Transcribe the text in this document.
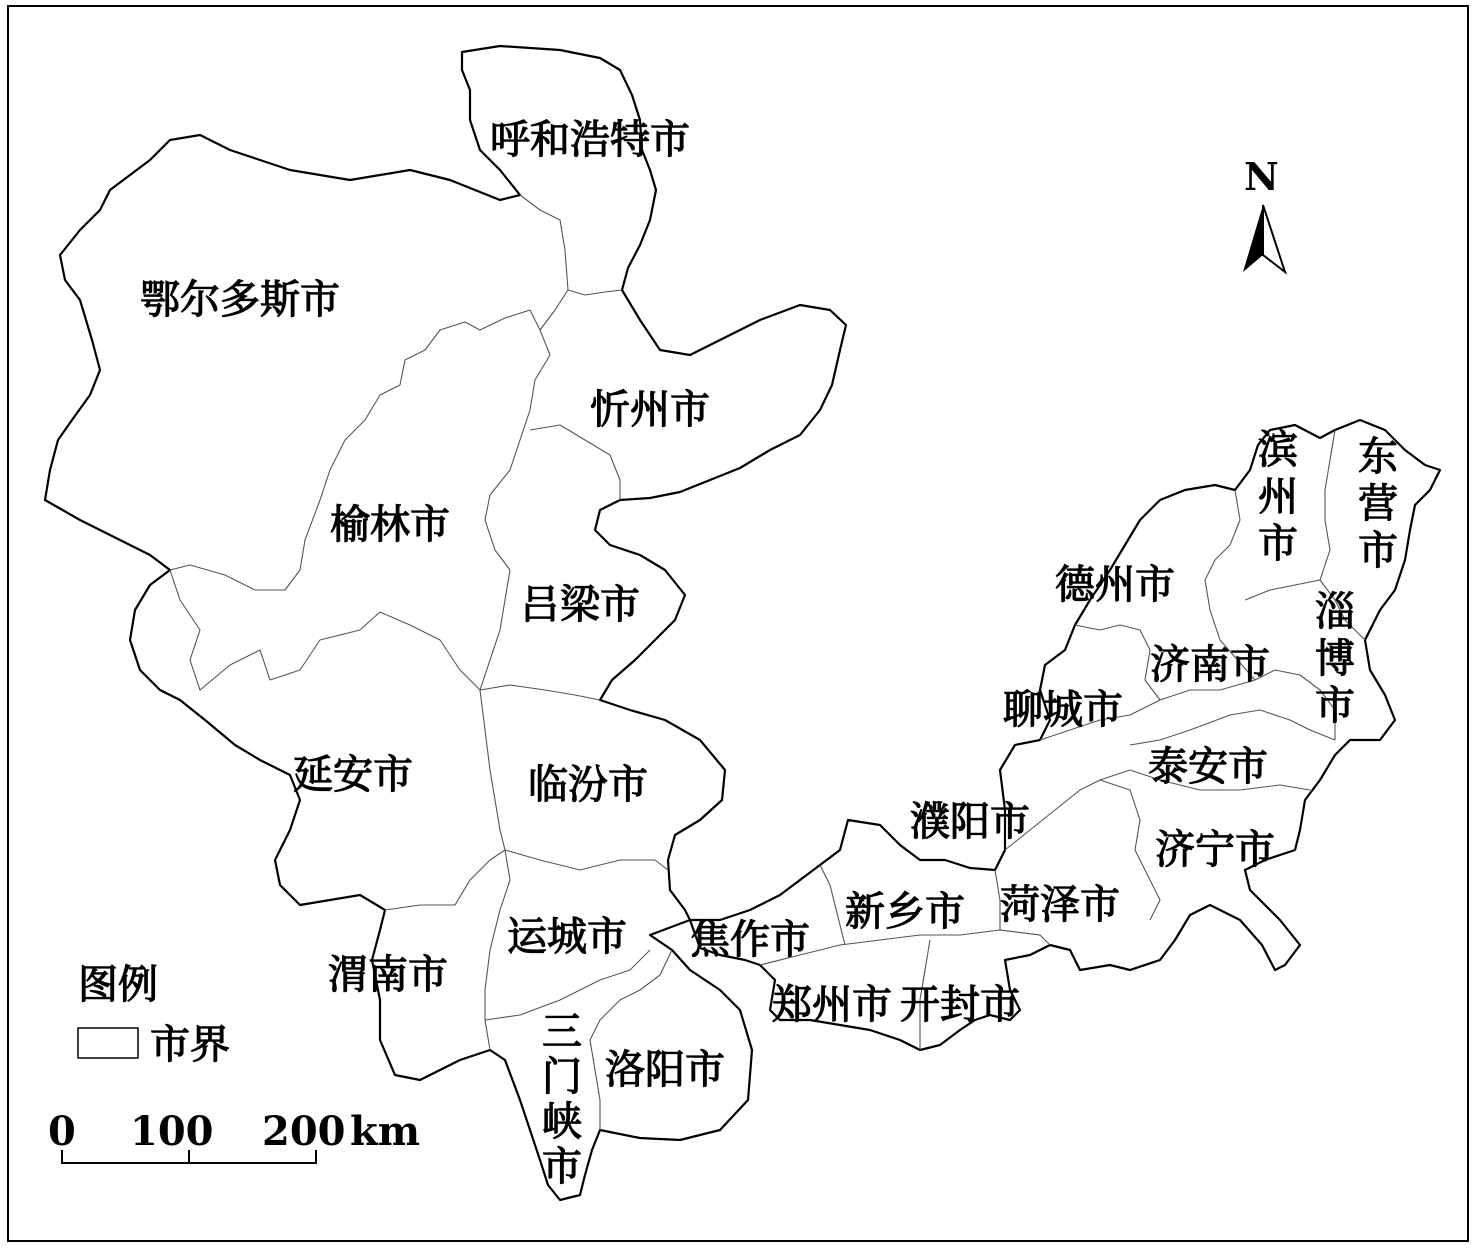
呼和浩特市
鄂尔多斯市
忻州市
榆林市
吕梁市
延安市	临汾市
运城市
渭南市
洛阳市
焦作市
新乡市 菏泽市
郑州市 开封市
濮阳市
聊城市
德州市
济南市
泰安市
济宁市
三
门
峡
市
滨
州
市
东
营
市
淄
博
市
N
图例
市界
0 100 200 km
